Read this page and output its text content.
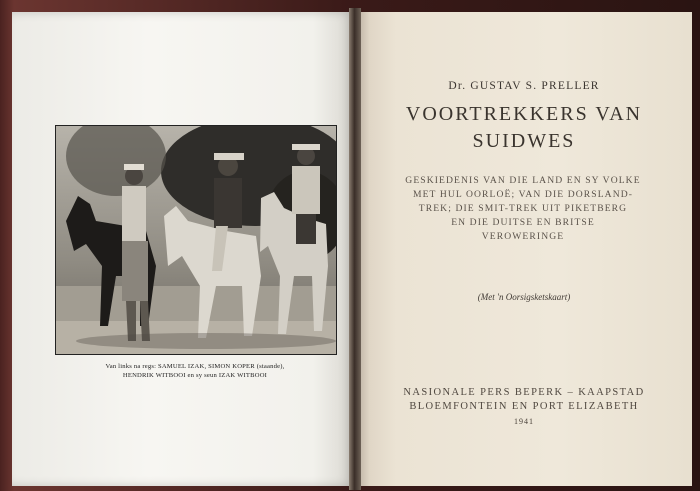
Van links na regs: SAMUEL IZAK, SIMON KOPER (staande),
HENDRIK WITBOOI en sy seun IZAK WITBOOI
Dr. GUSTAV S. PRELLER
VOORTREKKERS VAN
SUIDWES
GESKIEDENIS VAN DIE LAND EN SY VOLKE
MET HUL OORLOË; VAN DIE DORSLAND-
TREK; DIE SMIT-TREK UIT PIKETBERG
EN DIE DUITSE EN BRITSE
VEROWERINGE
(Met 'n Oorsigsketskaart)
NASIONALE PERS BEPERK – KAAPSTAD
BLOEMFONTEIN EN PORT ELIZABETH
1941
